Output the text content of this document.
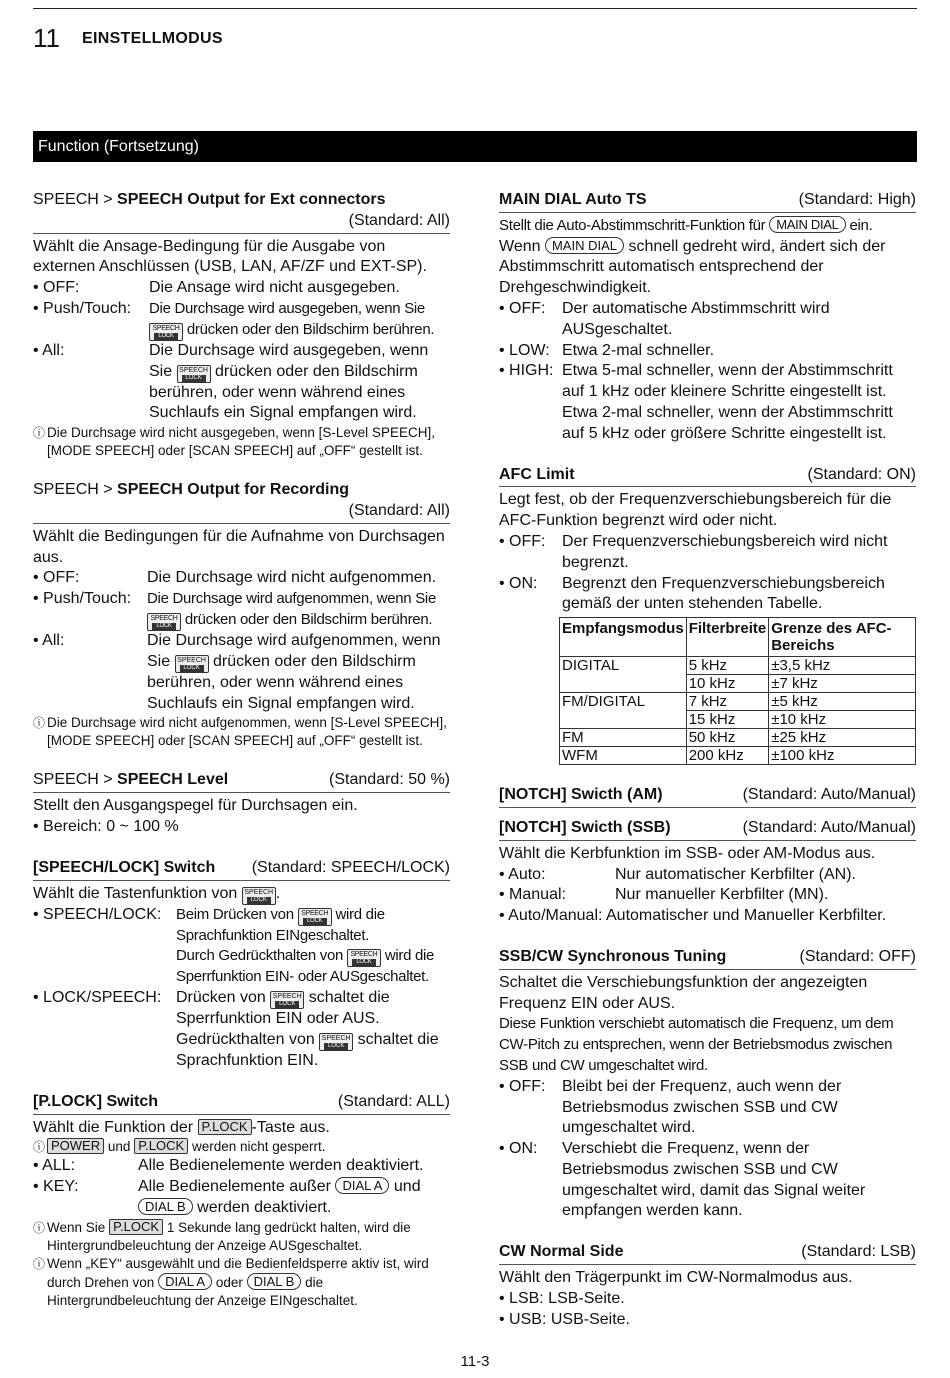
11 EINSTELLMODUS
Function (Fortsetzung)
SPEECH > SPEECH Output for Ext connectors
(Standard: All)

Wählt die Ansage-Bedingung für die Ausgabe von externen Anschlüssen (USB, LAN, AF/ZF und EXT-SP).

• OFF:	Die Ansage wird nicht ausgegeben.
• Push/Touch:	Die Durchsage wird ausgegeben, wenn Sie SPEECH
LOCK drücken oder den Bildschirm berühren.
• All:	Die Durchsage wird ausgegeben, wenn Sie SPEECH
LOCK drücken oder den Bildschirm berühren, oder wenn während eines Suchlaufs ein Signal empfangen wird.
ⓘ Die Durchsage wird nicht ausgegeben, wenn [S-Level SPEECH], [MODE SPEECH] oder [SCAN SPEECH] auf „OFF“ gestellt ist.
SPEECH > SPEECH Output for Recording
(Standard: All)

Wählt die Bedingungen für die Aufnahme von Durchsagen aus.

• OFF:	Die Durchsage wird nicht aufgenommen.
• Push/Touch:	Die Durchsage wird aufgenommen, wenn Sie SPEECH
LOCK drücken oder den Bildschirm berühren.
• All:	Die Durchsage wird aufgenommen, wenn Sie SPEECH
LOCK drücken oder den Bildschirm berühren, oder wenn während eines Suchlaufs ein Signal empfangen wird.
ⓘ Die Durchsage wird nicht aufgenommen, wenn [S-Level SPEECH], [MODE SPEECH] oder [SCAN SPEECH] auf „OFF“ gestellt ist.
SPEECH > SPEECH Level	(Standard: 50 %)

Stellt den Ausgangspegel für Durchsagen ein.

• Bereich: 0 ~ 100 %

[SPEECH/LOCK] Switch (Standard: SPEECH/LOCK)

Wählt die Tastenfunktion von SPEECH
LOCK .

• SPEECH/LOCK: Beim Drücken von SPEECH
LOCK wird die Sprachfunktion EINgeschaltet.
Durch Gedrückthalten von SPEECH
LOCK wird die Sperrfunktion EIN- oder AUSgeschaltet.
• LOCK/SPEECH: Drücken von SPEECH
LOCK schaltet die Sperrfunktion EIN oder AUS.
Gedrückthalten von SPEECH
LOCK schaltet die Sprachfunktion EIN.
[P.LOCK] Switch	(Standard: ALL)

Wählt die Funktion der P.LOCK -Taste aus.

ⓘ POWER und P.LOCK werden nicht gesperrt.
• ALL:	Alle Bedienelemente werden deaktiviert.
• KEY:	Alle Bedienelemente außer DIAL A und DIAL B werden deaktiviert.
ⓘ Wenn Sie P.LOCK 1 Sekunde lang gedrückt halten, wird die Hintergrundbeleuchtung der Anzeige AUSgeschaltet.
ⓘ Wenn „KEY“ ausgewählt und die Bedienfeldsperre aktiv ist, wird durch Drehen von DIAL A oder DIAL B die Hintergrundbeleuchtung der Anzeige EINgeschaltet.
MAIN DIAL Auto TS	(Standard: High)

Stellt die Auto-Abstimmschritt-Funktion für MAIN DIAL ein.

Wenn MAIN DIAL schnell gedreht wird, ändert sich der Abstimmschritt automatisch entsprechend der Drehgeschwindigkeit.

• OFF:	Der automatische Abstimmschritt wird AUSgeschaltet.
• LOW: Etwa 2-mal schneller.
• HIGH: Etwa 5-mal schneller, wenn der Abstimmschritt auf 1 kHz oder kleinere Schritte eingestellt ist.
Etwa 2-mal schneller, wenn der Abstimmschritt auf 5 kHz oder größere Schritte eingestellt ist.
AFC Limit	(Standard: ON)

Legt fest, ob der Frequenzverschiebungsbereich für die AFC-Funktion begrenzt wird oder nicht.

• OFF:	Der Frequenzverschiebungsbereich wird nicht begrenzt.
• ON:	Begrenzt den Frequenzverschiebungsbereich gemäß der unten stehenden Tabelle.
Empfangsmodus	Filterbreite	Grenze des AFC-Bereichs
DIGITAL	5 kHz	±3,5 kHz
	10 kHz	±7 kHz
FM/DIGITAL	7 kHz	±5 kHz
	15 kHz	±10 kHz
FM	50 kHz	±25 kHz
WFM	200 kHz	±100 kHz
[NOTCH] Swicth (AM)	(Standard: Auto/Manual)
[NOTCH] Swicth (SSB)	(Standard: Auto/Manual)

Wählt die Kerbfunktion im SSB- oder AM-Modus aus.

• Auto:	Nur automatischer Kerbfilter (AN).
• Manual:	Nur manueller Kerbfilter (MN).

• Auto/Manual: Automatischer und Manueller Kerbfilter.

SSB/CW Synchronous Tuning	(Standard: OFF)

Schaltet die Verschiebungsfunktion der angezeigten Frequenz EIN oder AUS.

Diese Funktion verschiebt automatisch die Frequenz, um dem CW-Pitch zu entsprechen, wenn der Betriebsmodus zwischen SSB und CW umgeschaltet wird.

• OFF:	Bleibt bei der Frequenz, auch wenn der Betriebsmodus zwischen SSB und CW umgeschaltet wird.
• ON:	Verschiebt die Frequenz, wenn der Betriebsmodus zwischen SSB und CW umgeschaltet wird, damit das Signal weiter empfangen werden kann.
CW Normal Side	(Standard: LSB)

Wählt den Trägerpunkt im CW-Normalmodus aus.

• LSB: LSB-Seite.

• USB: USB-Seite.

11-3
